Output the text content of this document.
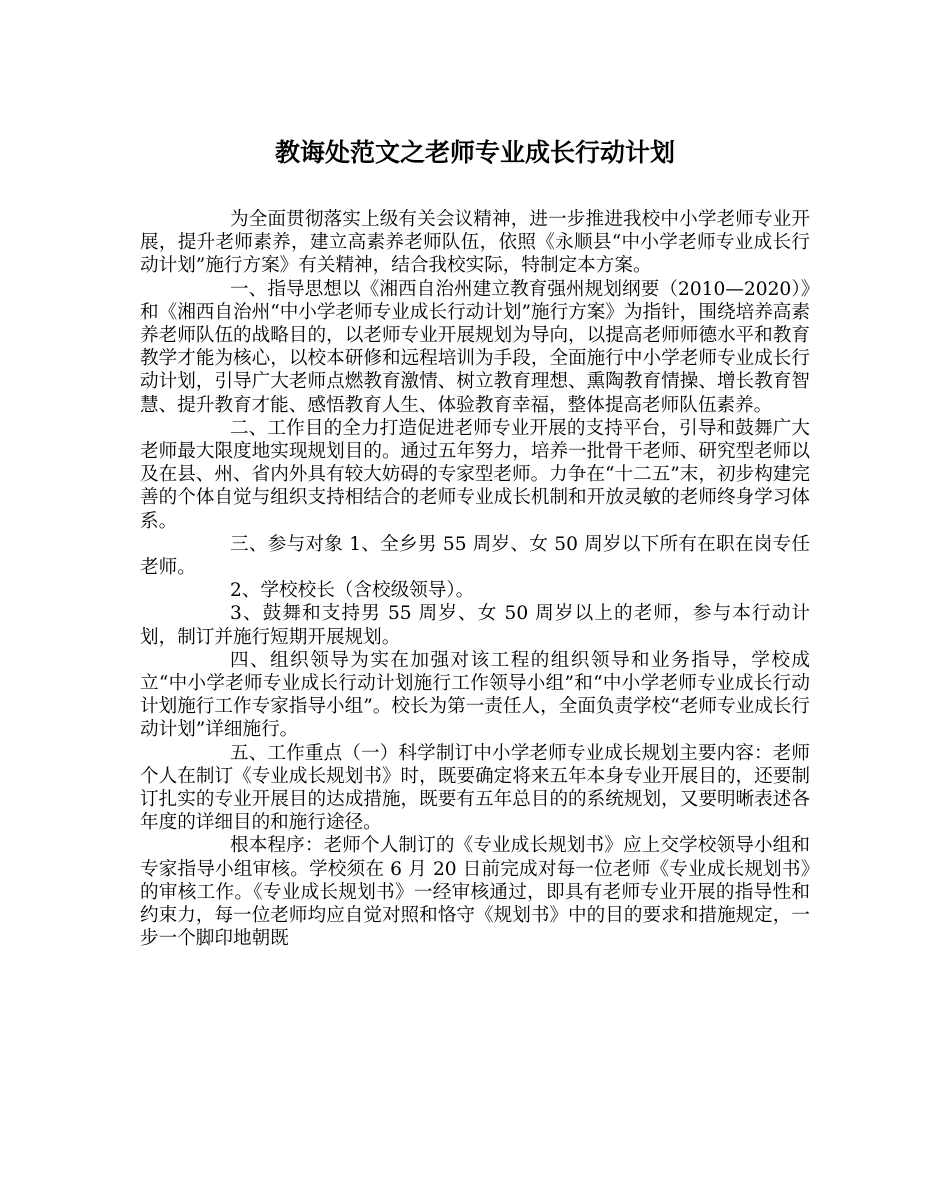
教诲处范文之老师专业成长行动计划

为全面贯彻落实上级有关会议精神，进一步推进我校中小学老师专业开展，提升老师素养，建立高素养老师队伍，依照《永顺县“中小学老师专业成长行动计划”施行方案》有关精神，结合我校实际，特制定本方案。

一、指导思想以《湘西自治州建立教育强州规划纲要（2010—2020）》和《湘西自治州“中小学老师专业成长行动计划”施行方案》为指针，围绕培养高素养老师队伍的战略目的，以老师专业开展规划为导向，以提高老师师德水平和教育教学才能为核心，以校本研修和远程培训为手段，全面施行中小学老师专业成长行动计划，引导广大老师点燃教育激情、树立教育理想、熏陶教育情操、增长教育智慧、提升教育才能、感悟教育人生、体验教育幸福，整体提高老师队伍素养。

二、工作目的全力打造促进老师专业开展的支持平台，引导和鼓舞广大老师最大限度地实现规划目的。通过五年努力，培养一批骨干老师、研究型老师以及在县、州、省内外具有较大妨碍的专家型老师。力争在“十二五”末，初步构建完善的个体自觉与组织支持相结合的老师专业成长机制和开放灵敏的老师终身学习体系。

三、参与对象 1、全乡男 55 周岁、女 50 周岁以下所有在职在岗专任老师。

2、学校校长（含校级领导）。

3、鼓舞和支持男 55 周岁、女 50 周岁以上的老师，参与本行动计划，制订并施行短期开展规划。

四、组织领导为实在加强对该工程的组织领导和业务指导，学校成立“中小学老师专业成长行动计划施行工作领导小组”和“中小学老师专业成长行动计划施行工作专家指导小组”。校长为第一责任人，全面负责学校“老师专业成长行动计划”详细施行。

五、工作重点（一）科学制订中小学老师专业成长规划主要内容：老师个人在制订《专业成长规划书》时，既要确定将来五年本身专业开展目的，还要制订扎实的专业开展目的达成措施，既要有五年总目的的系统规划，又要明晰表述各年度的详细目的和施行途径。

根本程序：老师个人制订的《专业成长规划书》应上交学校领导小组和专家指导小组审核。学校须在 6 月 20 日前完成对每一位老师《专业成长规划书》的审核工作。《专业成长规划书》一经审核通过，即具有老师专业开展的指导性和约束力，每一位老师均应自觉对照和恪守《规划书》中的目的要求和措施规定，一步一个脚印地朝既
